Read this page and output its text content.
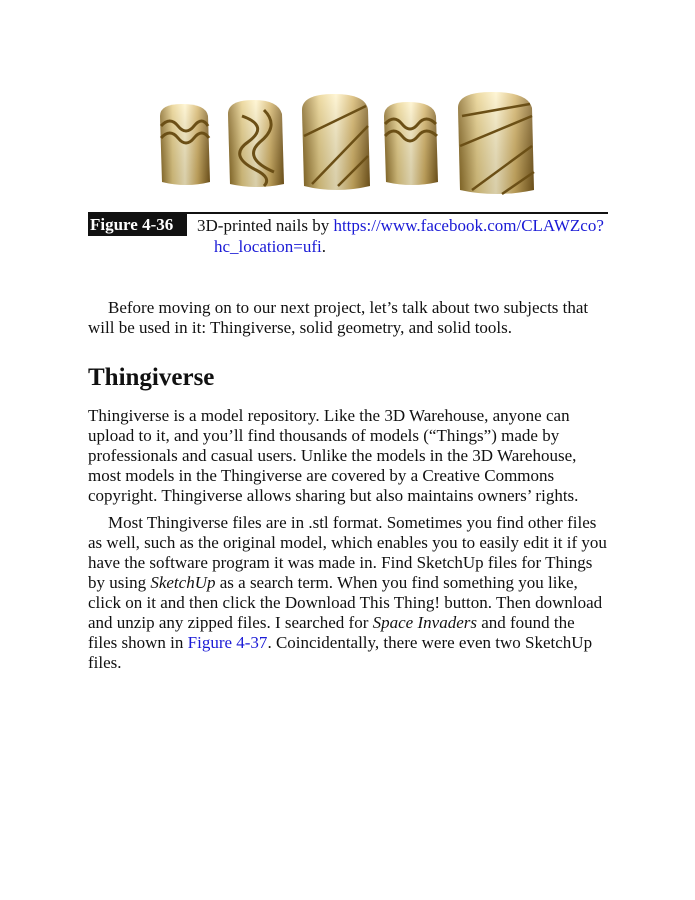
Figure 4-36	3D-printed nails by https://www.facebook.com/CLAWZco?
hc_location=ufi.
Before moving on to our next project, let’s talk about two subjects that
will be used in it: Thingiverse, solid geometry, and solid tools.
Thingiverse
Thingiverse is a model repository. Like the 3D Warehouse, anyone can
upload to it, and you’ll find thousands of models (“Things”) made by
professionals and casual users. Unlike the models in the 3D Warehouse,
most models in the Thingiverse are covered by a Creative Commons
copyright. Thingiverse allows sharing but also maintains owners’ rights.
Most Thingiverse files are in .stl format. Sometimes you find other files
as well, such as the original model, which enables you to easily edit it if you
have the software program it was made in. Find SketchUp files for Things
by using SketchUp as a search term. When you find something you like,
click on it and then click the Download This Thing! button. Then download
and unzip any zipped files. I searched for Space Invaders and found the
files shown in Figure 4-37. Coincidentally, there were even two SketchUp
files.
